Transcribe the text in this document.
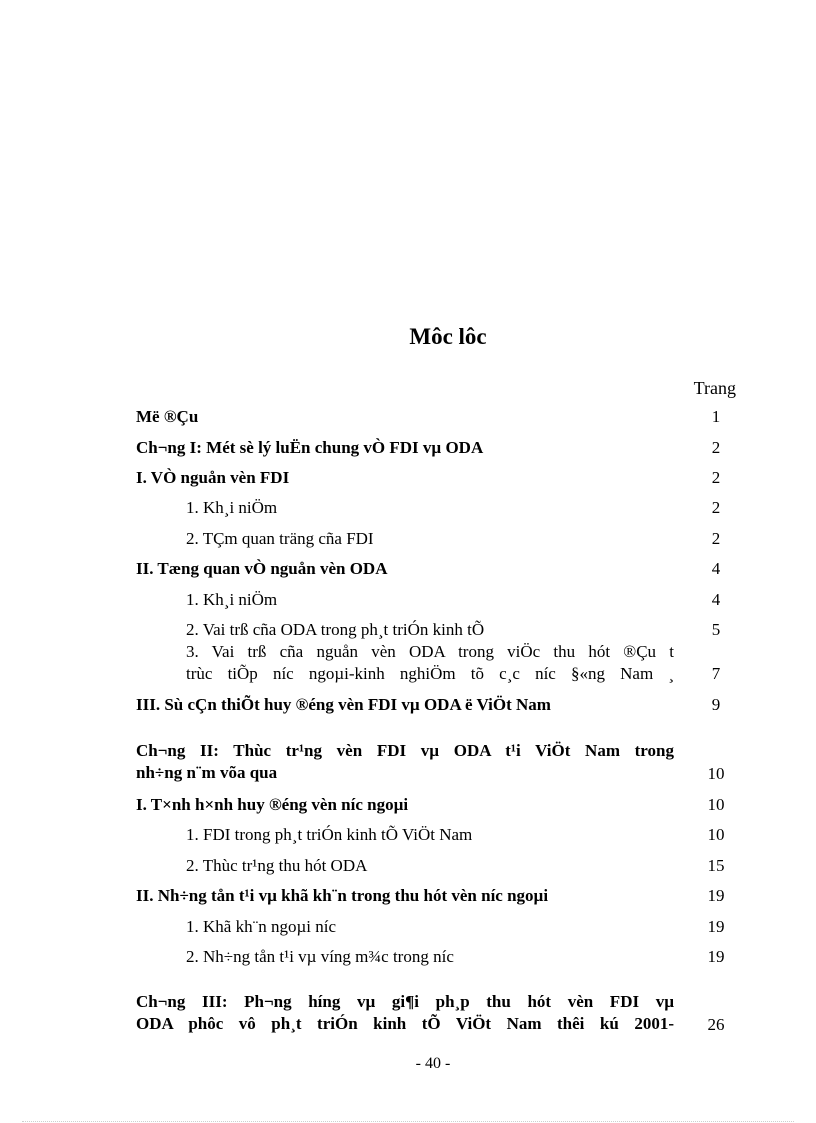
Môc lôc
Trang
Më ®Çu	1
Ch¬ng I: Mét sè lý luËn chung vÒ FDI vµ ODA	2
I. VÒ nguån vèn FDI	2
1. Kh¸i niÖm	2
2. TÇm quan träng cña FDI	2
II. Tæng quan vÒ nguån vèn ODA	4
1. Kh¸i niÖm	4
2. Vai trß cña ODA trong ph¸t triÓn kinh tÕ	5
3. Vai trß cña nguån vèn ODA trong viÖc thu hót ®Çu t
trùc tiÕp níc ngoµi-kinh nghiÖm tõ c¸c níc §«ng Nam ¸	7
III. Sù cÇn thiÕt huy ®éng vèn FDI vµ ODA ë ViÖt Nam	9
Ch¬ng II: Thùc tr¹ng vèn FDI vµ ODA t¹i ViÖt Nam trong
nh÷ng n¨m võa qua	10
I. T×nh h×nh huy ®éng vèn níc ngoµi	10
1. FDI trong ph¸t triÓn kinh tÕ ViÖt Nam	10
2. Thùc tr¹ng thu hót ODA	15
II. Nh÷ng tån t¹i vµ khã kh¨n trong thu hót vèn níc ngoµi	19
1. Khã kh¨n ngoµi níc	19
2. Nh÷ng tån t¹i vµ víng m¾c trong níc	19
Ch¬ng III: Ph¬ng híng vµ gi¶i ph¸p thu hót vèn FDI vµ
ODA phôc vô ph¸t triÓn kinh tÕ ViÖt Nam thêi kú 2001-	26
- 40 -
